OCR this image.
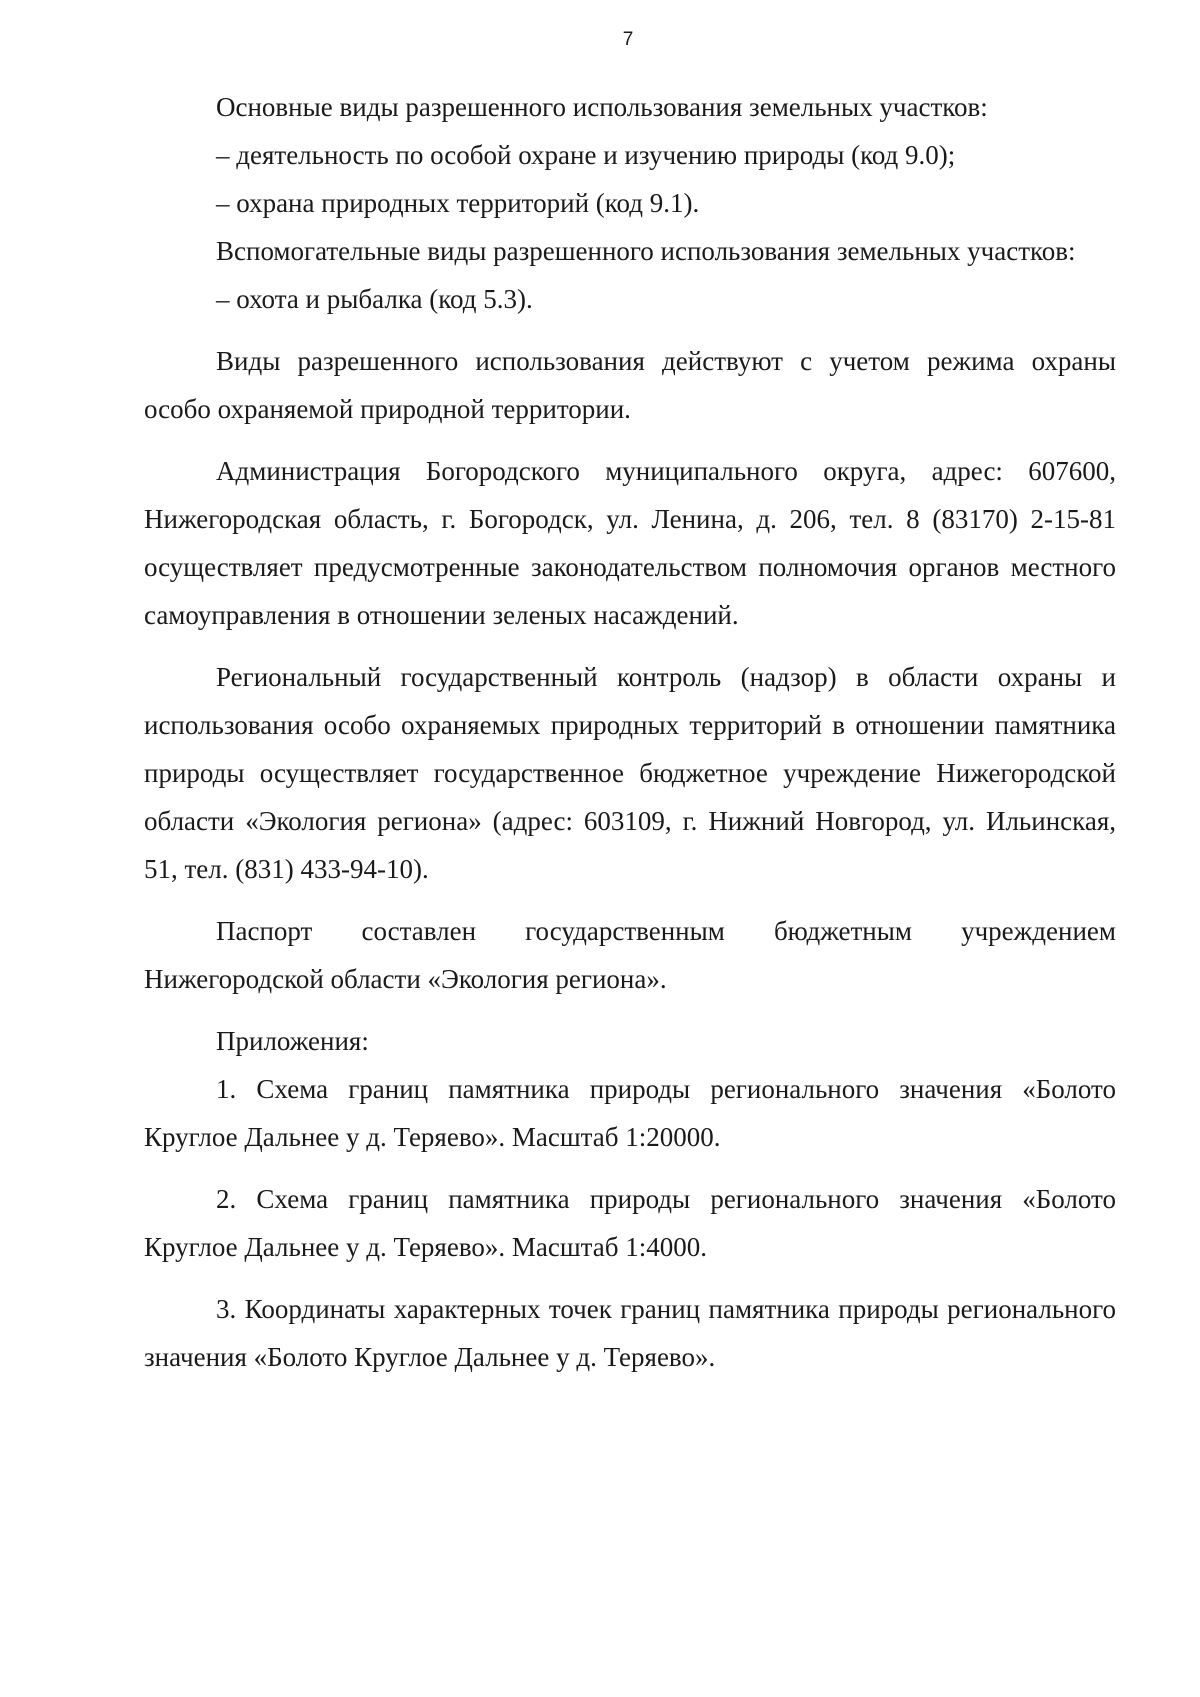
7

Основные виды разрешенного использования земельных участков:

– деятельность по особой охране и изучению природы (код 9.0);

– охрана природных территорий (код 9.1).

Вспомогательные виды разрешенного использования земельных участков:

– охота и рыбалка (код 5.3).

Виды разрешенного использования действуют с учетом режима охраны особо охраняемой природной территории.

Администрация Богородского муниципального округа, адрес: 607600, Нижегородская область, г. Богородск, ул. Ленина, д. 206, тел. 8 (83170) 2-15-81 осуществляет предусмотренные законодательством полномочия органов местного самоуправления в отношении зеленых насаждений.

Региональный государственный контроль (надзор) в области охраны и использования особо охраняемых природных территорий в отношении памятника природы осуществляет государственное бюджетное учреждение Нижегородской области «Экология региона» (адрес: 603109, г. Нижний Новгород, ул. Ильинская, 51, тел. (831) 433-94-10).

Паспорт составлен государственным бюджетным учреждением Нижегородской области «Экология региона».

Приложения:

1. Схема границ памятника природы регионального значения «Болото Круглое Дальнее у д. Теряево». Масштаб 1:20000.

2. Схема границ памятника природы регионального значения «Болото Круглое Дальнее у д. Теряево». Масштаб 1:4000.

3. Координаты характерных точек границ памятника природы регионального значения «Болото Круглое Дальнее у д. Теряево».
